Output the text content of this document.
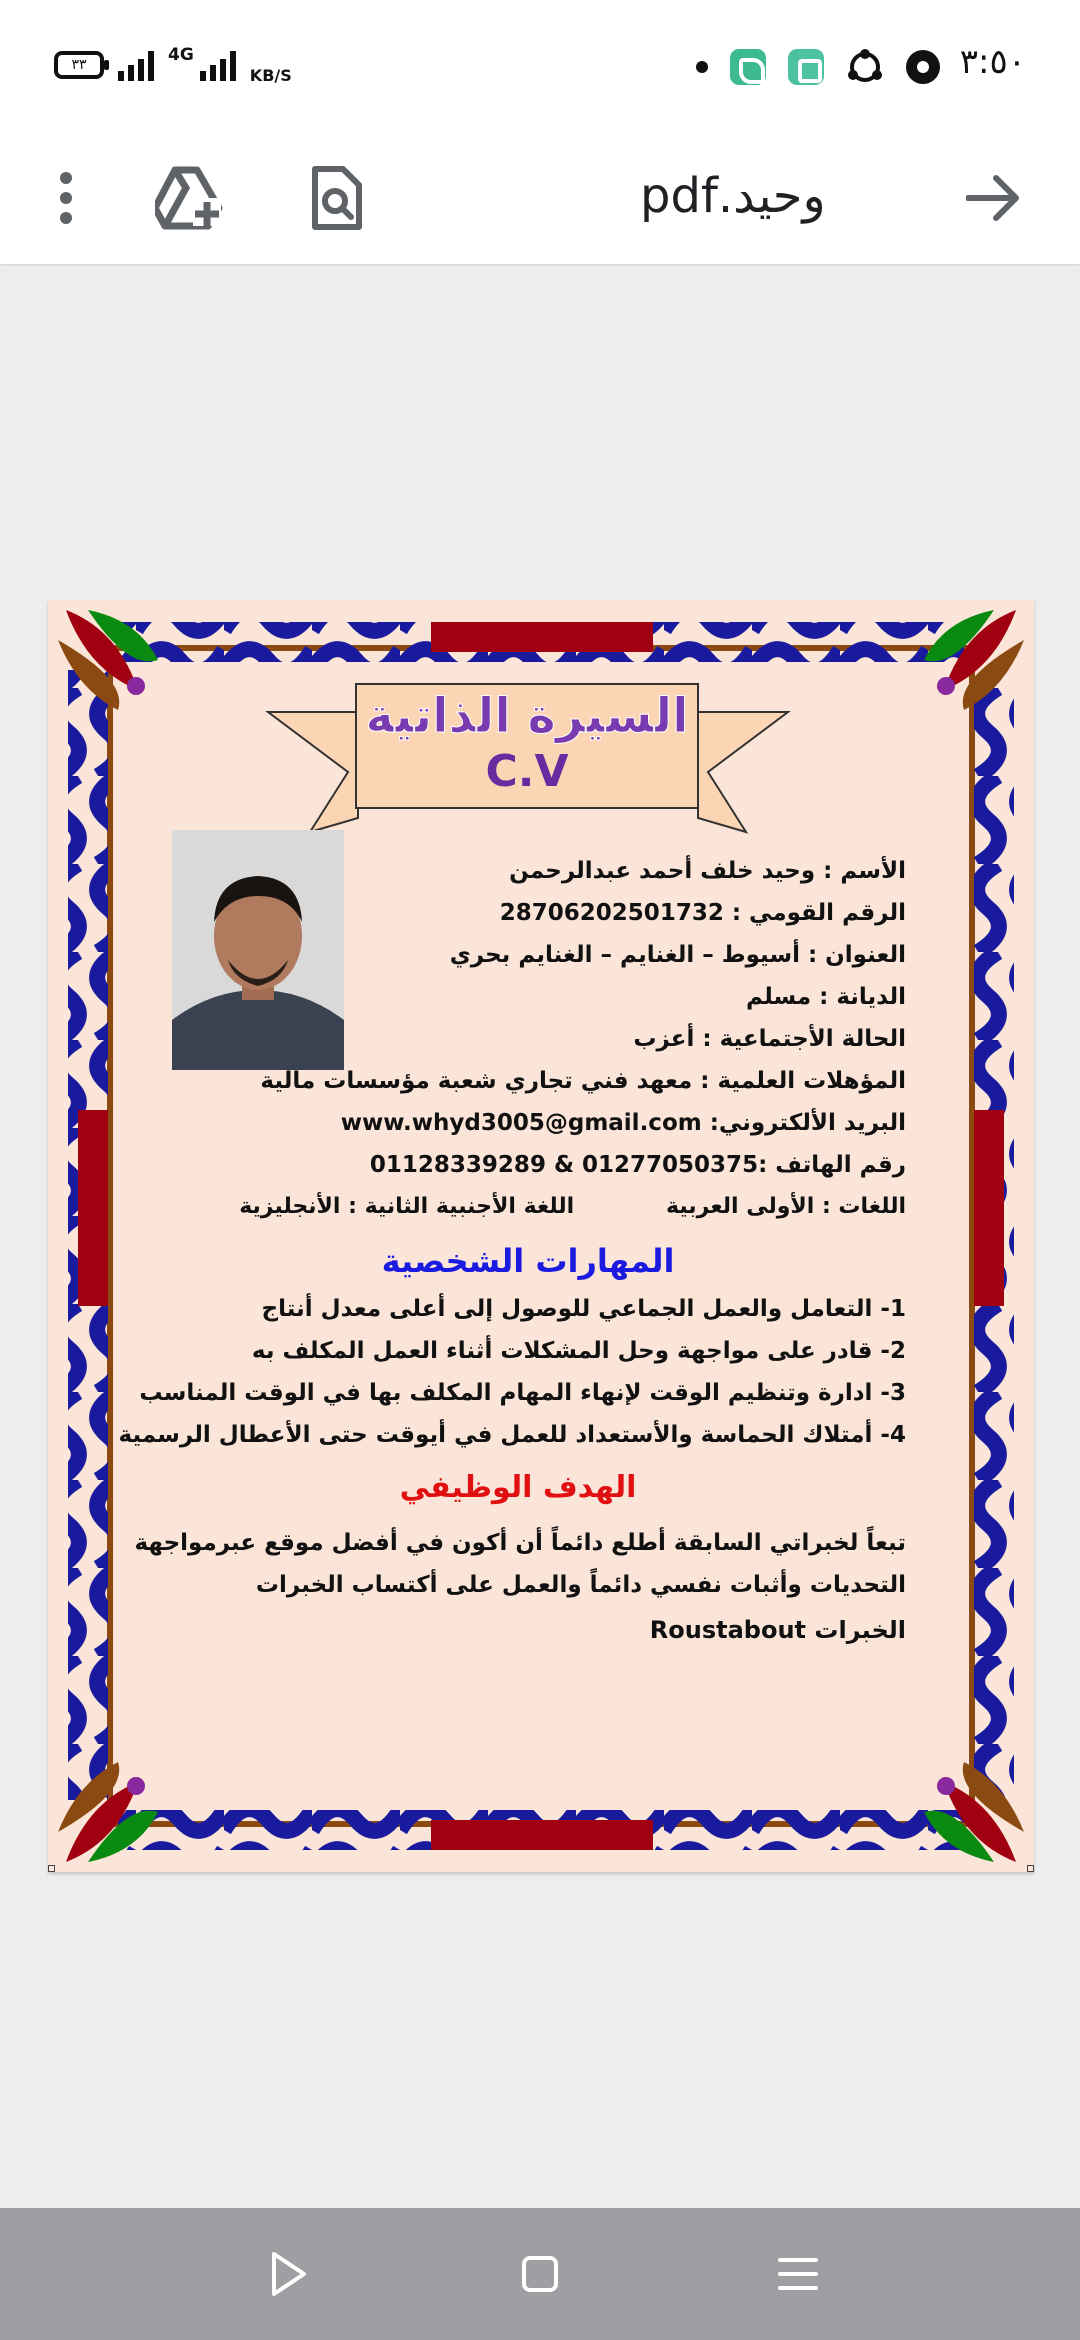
٣٣	4G
KB/S	٣:٥٠
وحيد.pdf
السيرة الذاتية
C.V
الأسم : وحيد خلف أحمد عبدالرحمن
الرقم القومي : 28706202501732
العنوان : أسيوط – الغنايم – الغنايم بحري
الديانة : مسلم
الحالة الأجتماعية : أعزب
المؤهلات العلمية : معهد فني تجاري شعبة مؤسسات مالية
البريد الألكتروني: www.whyd3005@gmail.com
رقم الهاتف :01277050375 & 01128339289
اللغات : الأولى العربية            اللغة الأجنبية الثانية : الأنجليزية
المهارات الشخصية
1- التعامل والعمل الجماعي للوصول إلى أعلى معدل أنتاج
2- قادر على مواجهة وحل المشكلات أثناء العمل المكلف به
3- ادارة وتنظيم الوقت لإنهاء المهام المكلف بها في الوقت المناسب
4- أمتلاك الحماسة والأستعداد للعمل في أيوقت حتى الأعطال الرسمية
الهدف الوظيفي
تبعاً لخبراتي السابقة أطلع دائماً أن أكون في أفضل موقع عبرمواجهة
التحديات وأثبات نفسي دائماً والعمل على أكتساب الخبرات
الخبرات Roustabout
